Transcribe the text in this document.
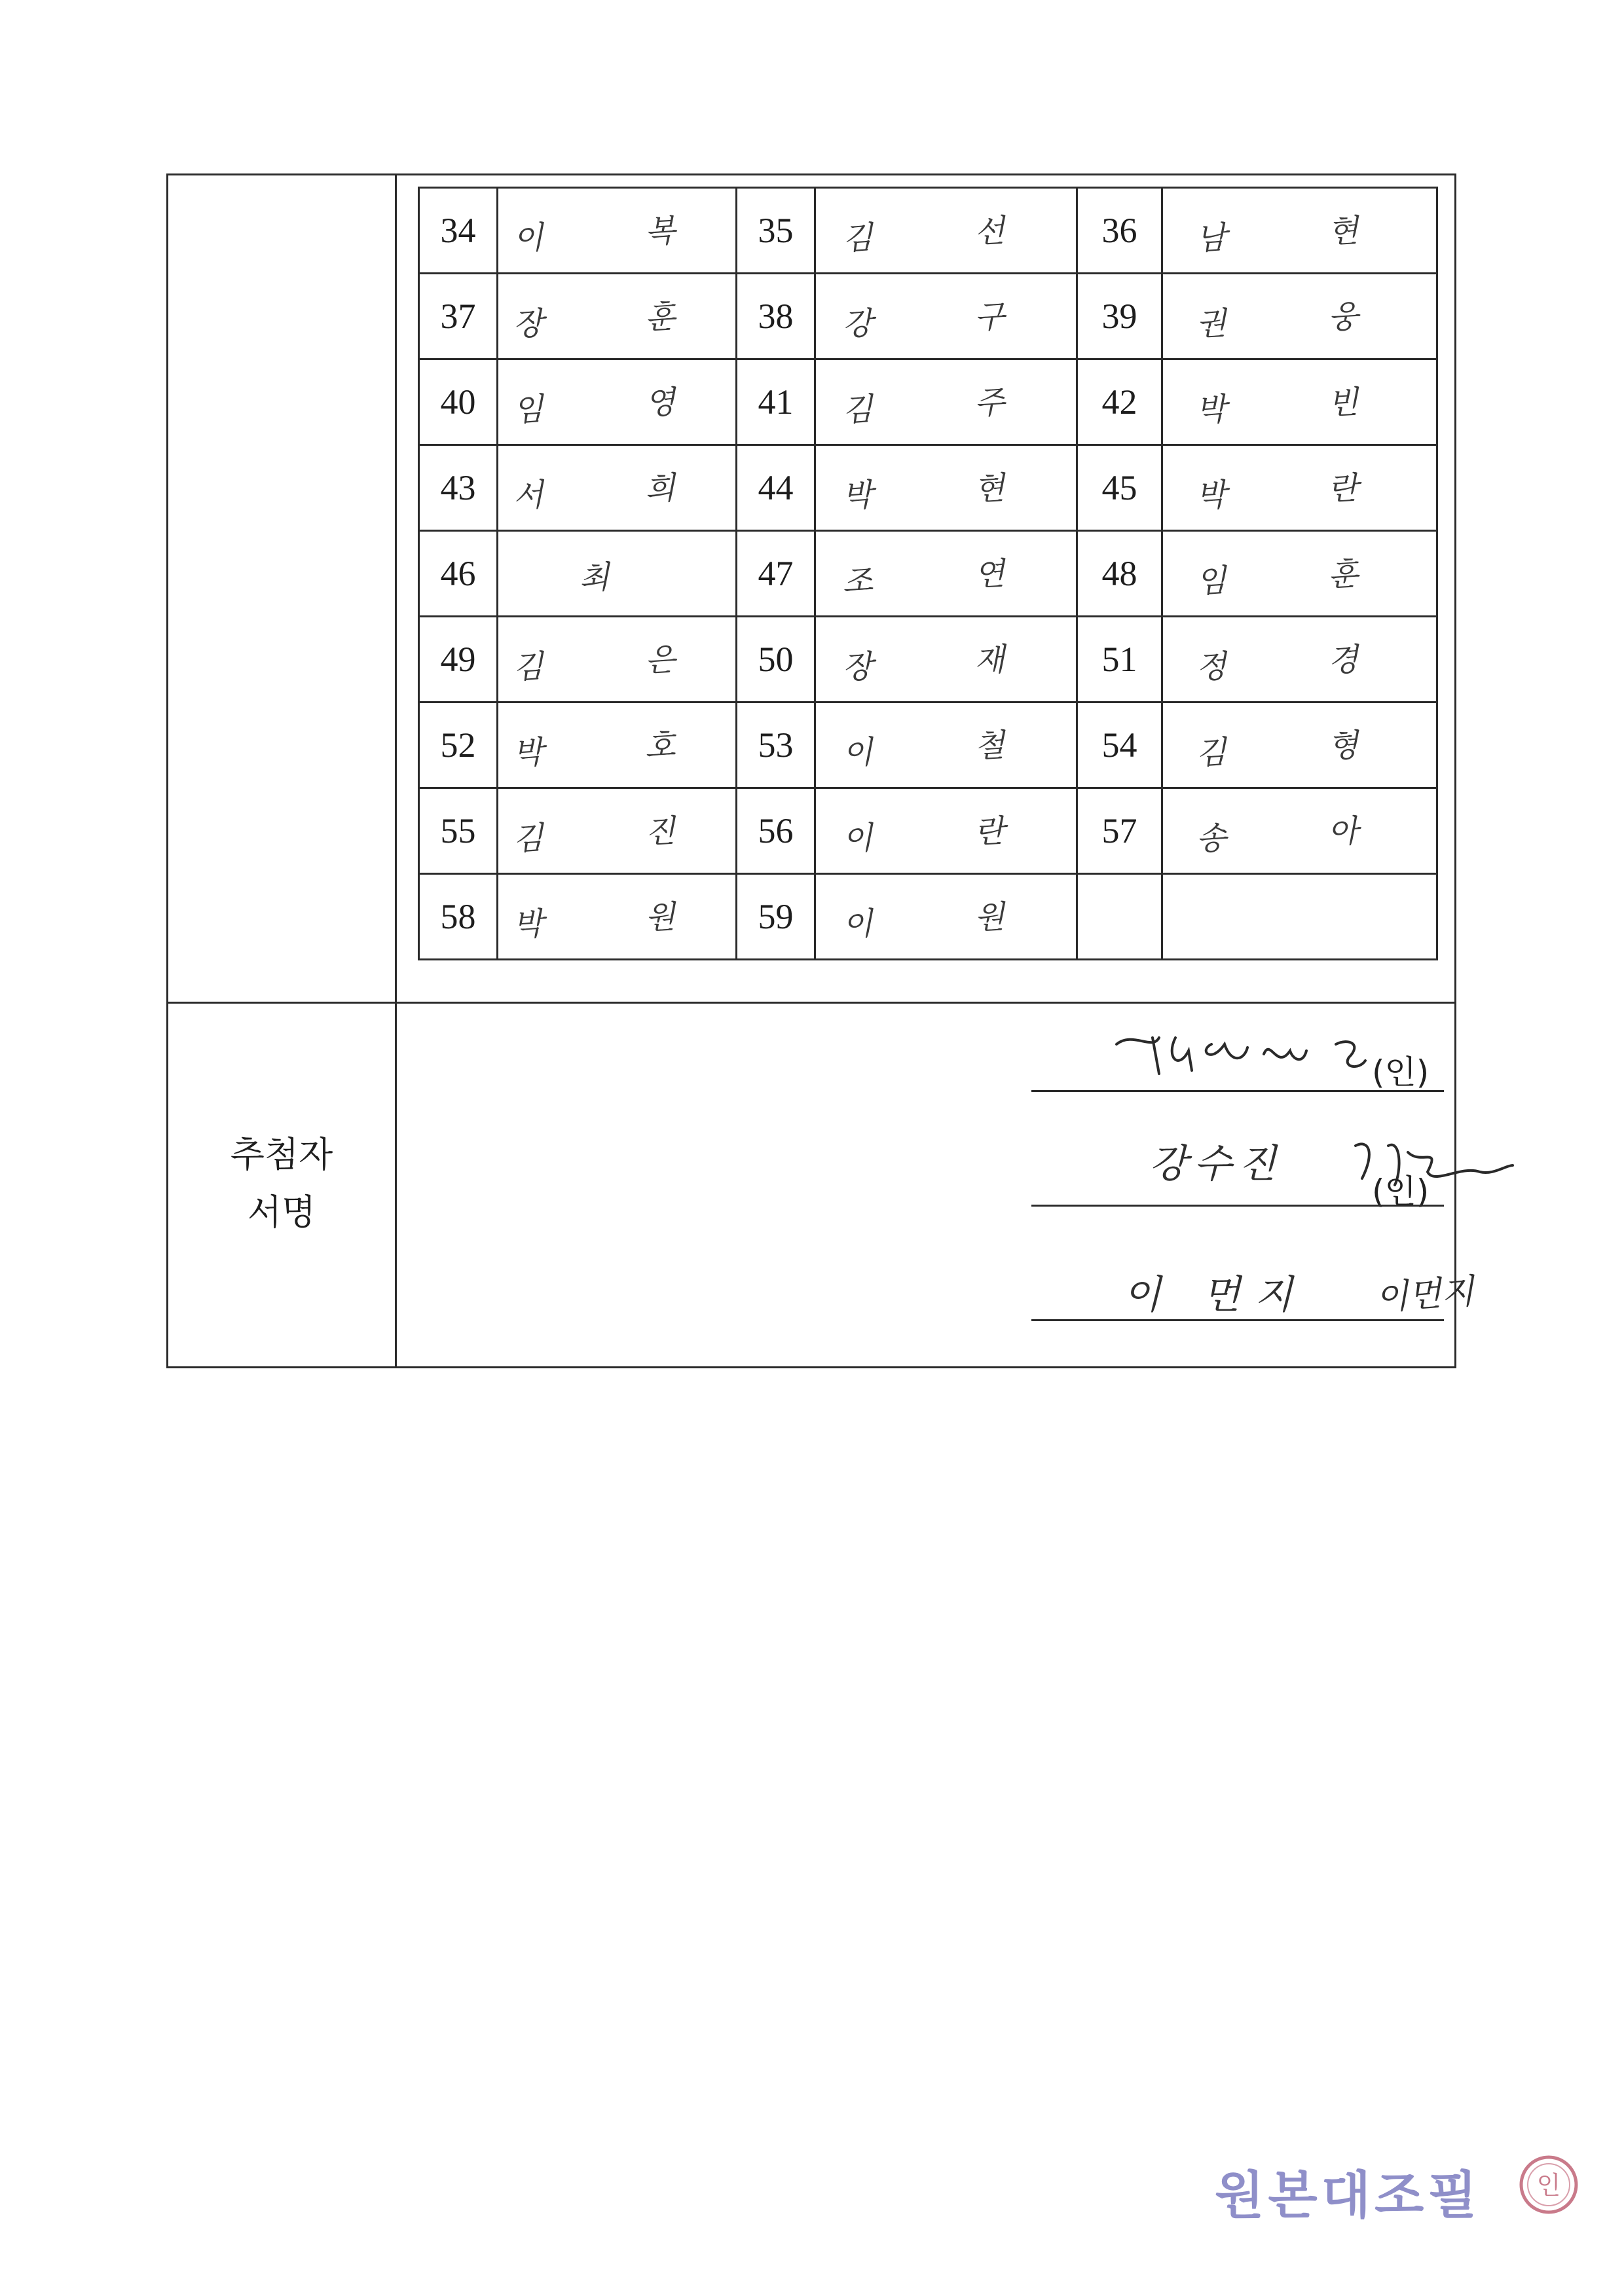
34	이 복	35	김 선	36	남 현
37	장 훈	38	강 구	39	권 웅
40	임 영	41	김 주	42	박 빈
43	서 희	44	박 현	45	박 란
46	최	47	조 연	48	임 훈
49	김 은	50	장 재	51	정 경
52	박 호	53	이 철	54	김 형
55	김 진	56	이 란	57	송 아
58	박 원	59	이 원		
추첨자
서명
(인)
강수진
(인)
이 먼지 이먼지
원본대조필 인
